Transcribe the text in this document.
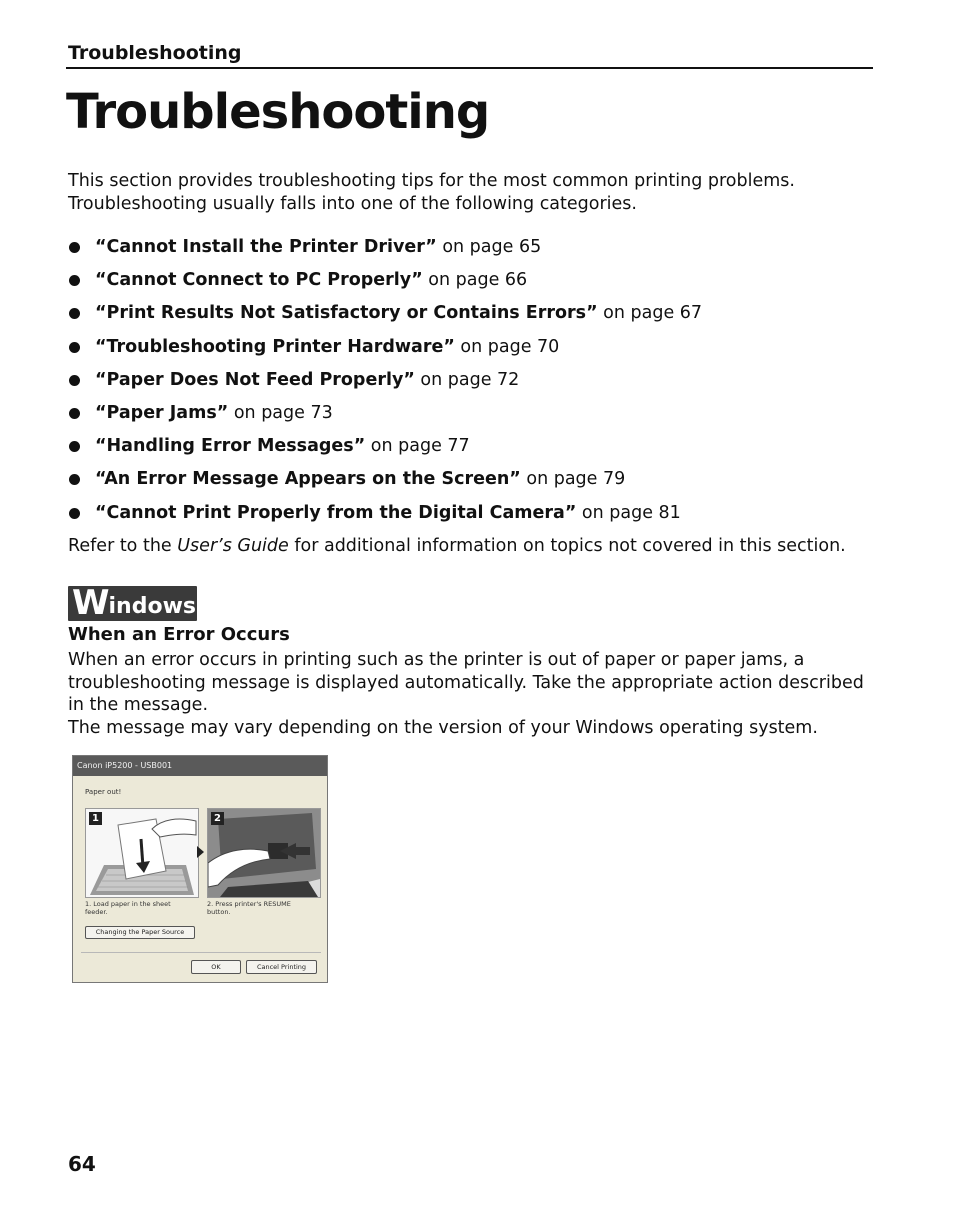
Troubleshooting
Troubleshooting

This section provides troubleshooting tips for the most common printing problems. Troubleshooting usually falls into one of the following categories.

“Cannot Install the Printer Driver” on page 65
“Cannot Connect to PC Properly” on page 66
“Print Results Not Satisfactory or Contains Errors” on page 67
“Troubleshooting Printer Hardware” on page 70
“Paper Does Not Feed Properly” on page 72
“Paper Jams” on page 73
“Handling Error Messages” on page 77
“An Error Message Appears on the Screen” on page 79
“Cannot Print Properly from the Digital Camera” on page 81
Refer to the User’s Guide for additional information on topics not covered in this section.
W indows
When an Error Occurs

When an error occurs in printing such as the printer is out of paper or paper jams, a troubleshooting message is displayed automatically. Take the appropriate action described in the message.

The message may vary depending on the version of your Windows operating system.

Canon iP5200 - USB001
Paper out!
1	2
1. Load paper in the sheet
feeder.
2. Press printer's RESUME
button.
Changing the Paper Source
OK	Cancel Printing
64
